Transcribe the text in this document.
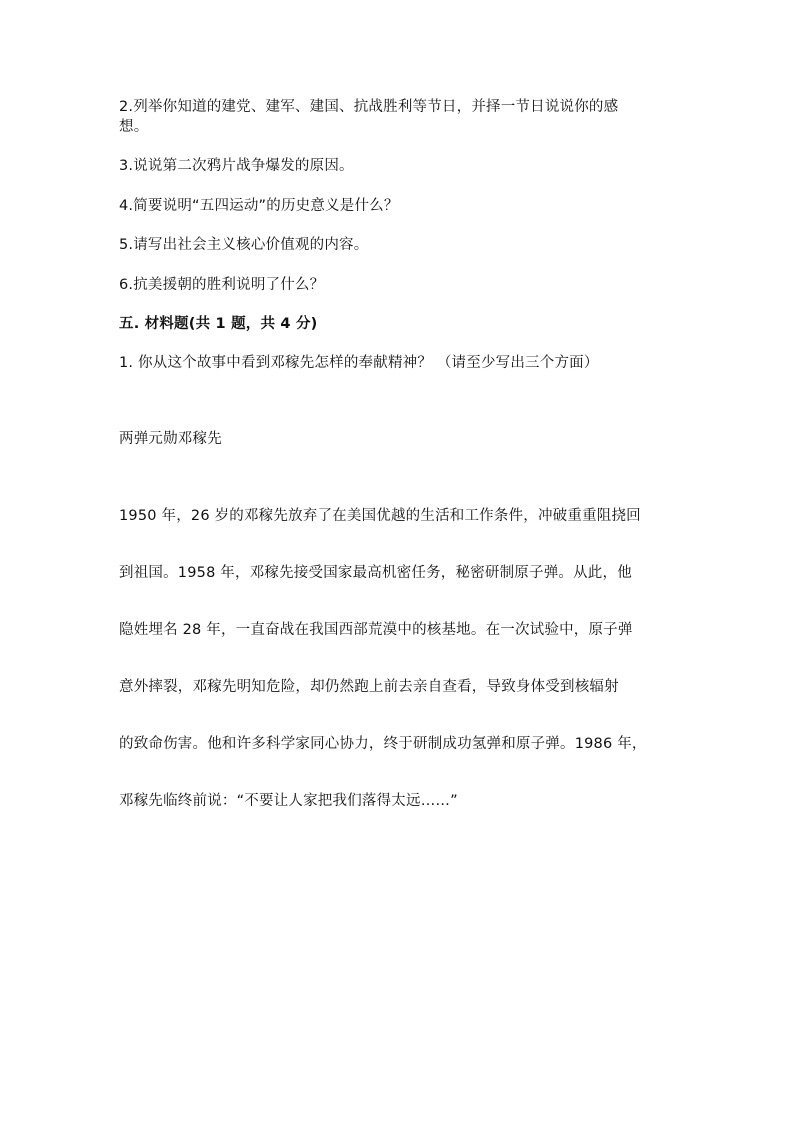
2.列举你知道的建党、建军、建国、抗战胜利等节日，并择一节日说说你的感
想。
3.说说第二次鸦片战争爆发的原因。
4.简要说明“五四运动”的历史意义是什么？
5.请写出社会主义核心价值观的内容。
6.抗美援朝的胜利说明了什么？
五. 材料题(共 1 题，共 4 分)
1. 你从这个故事中看到邓稼先怎样的奉献精神？ （请至少写出三个方面）
两弹元勋邓稼先
1950 年，26 岁的邓稼先放弃了在美国优越的生活和工作条件，冲破重重阻挠回
到祖国。1958 年，邓稼先接受国家最高机密任务，秘密研制原子弹。从此，他
隐姓埋名 28 年，一直奋战在我国西部荒漠中的核基地。在一次试验中，原子弹
意外摔裂，邓稼先明知危险，却仍然跑上前去亲自查看，导致身体受到核辐射
的致命伤害。他和许多科学家同心协力，终于研制成功氢弹和原子弹。1986 年，
邓稼先临终前说：“不要让人家把我们落得太远……”
